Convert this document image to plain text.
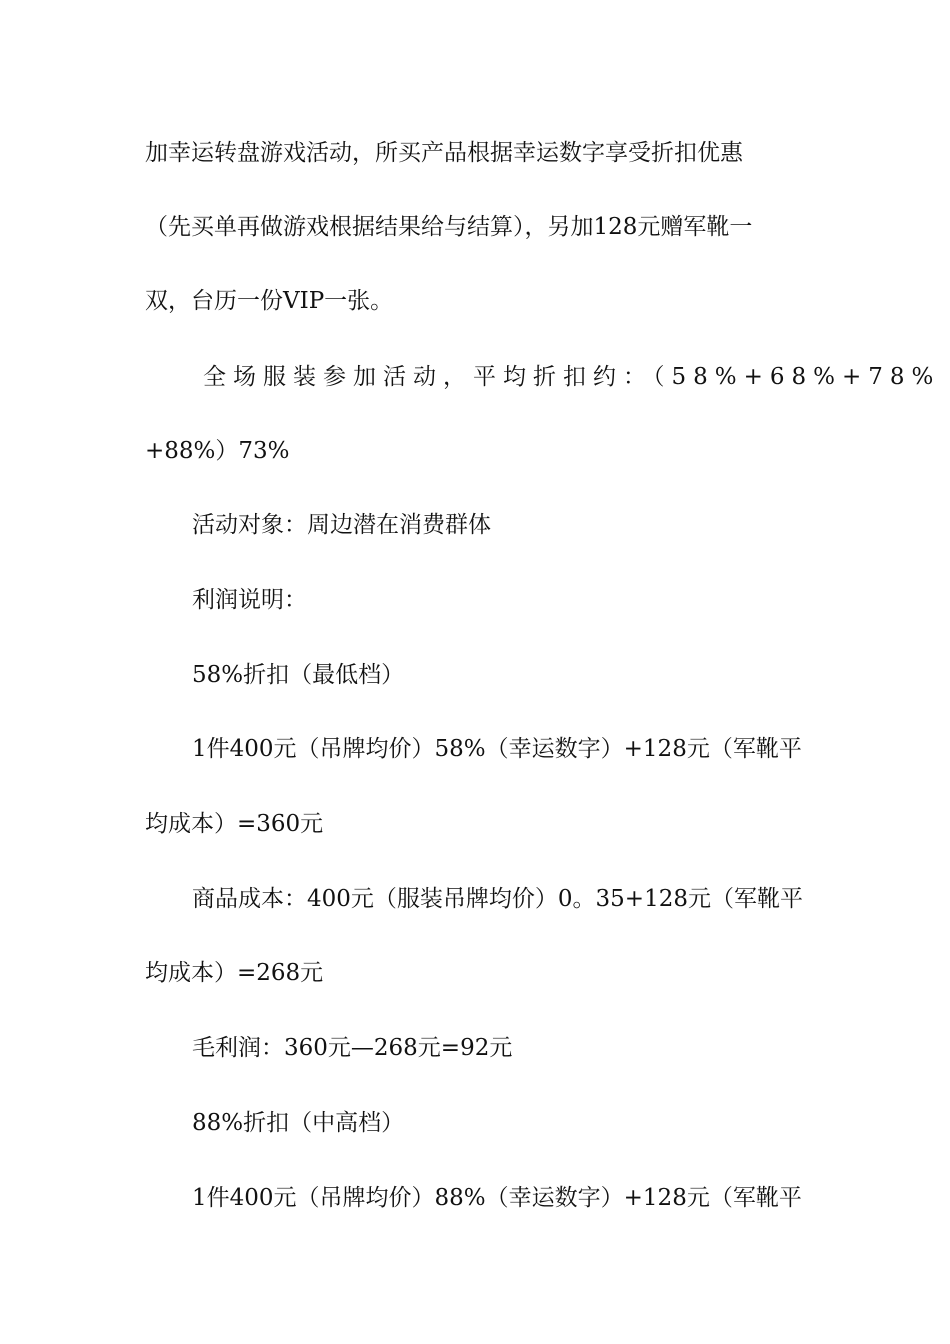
加幸运转盘游戏活动，所买产品根据幸运数字享受折扣优惠
（先买单再做游戏根据结果给与结算），另加128元赠军靴一
双，台历一份VIP一张。
全场服装参加活动，平均折扣约：（58%+68%+78%
+88%）73%
活动对象：周边潜在消费群体
利润说明：
58%折扣（最低档）
1件400元（吊牌均价）58%（幸运数字）+128元（军靴平
均成本）=360元
商品成本：400元（服装吊牌均价）0。35+128元（军靴平
均成本）=268元
毛利润：360元—268元=92元
88%折扣（中高档）
1件400元（吊牌均价）88%（幸运数字）+128元（军靴平
